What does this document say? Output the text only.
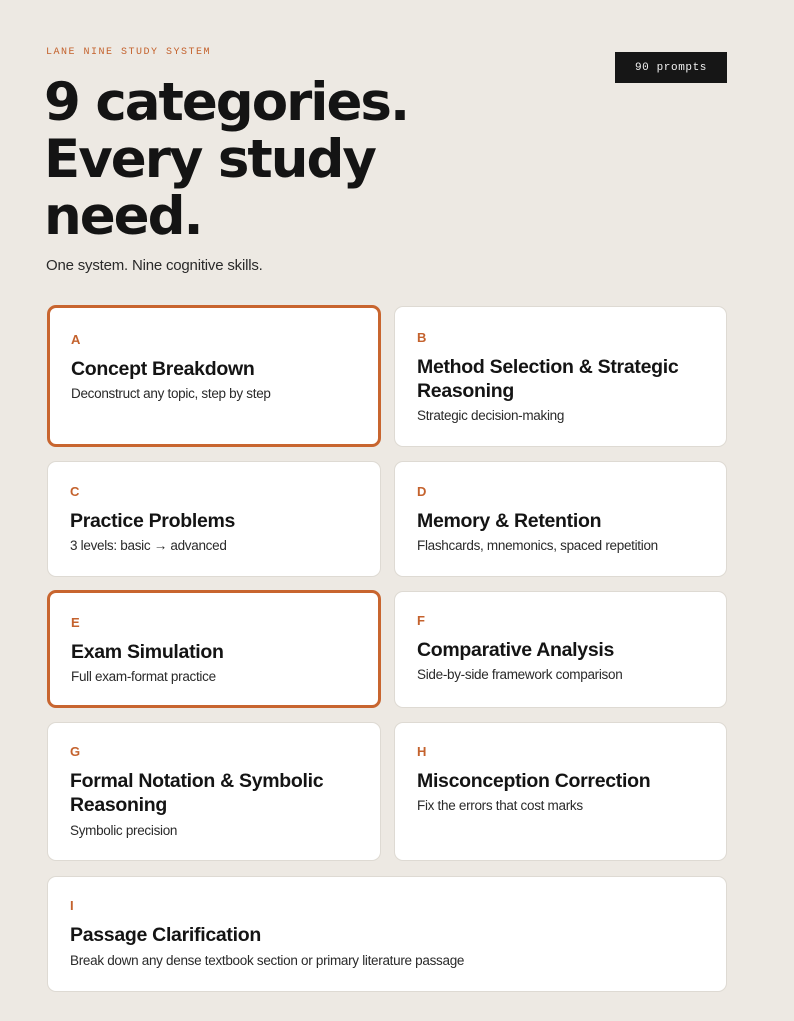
LANE NINE STUDY SYSTEM
90 prompts
9 categories.
Every study
need.
One system. Nine cognitive skills.
A
Concept Breakdown
Deconstruct any topic, step by step
B
Method Selection & Strategic Reasoning
Strategic decision-making
C
Practice Problems
3 levels: basic → advanced
D
Memory & Retention
Flashcards, mnemonics, spaced repetition
E
Exam Simulation
Full exam-format practice
F
Comparative Analysis
Side-by-side framework comparison
G
Formal Notation & Symbolic Reasoning
Symbolic precision
H
Misconception Correction
Fix the errors that cost marks
I
Passage Clarification
Break down any dense textbook section or primary literature passage
